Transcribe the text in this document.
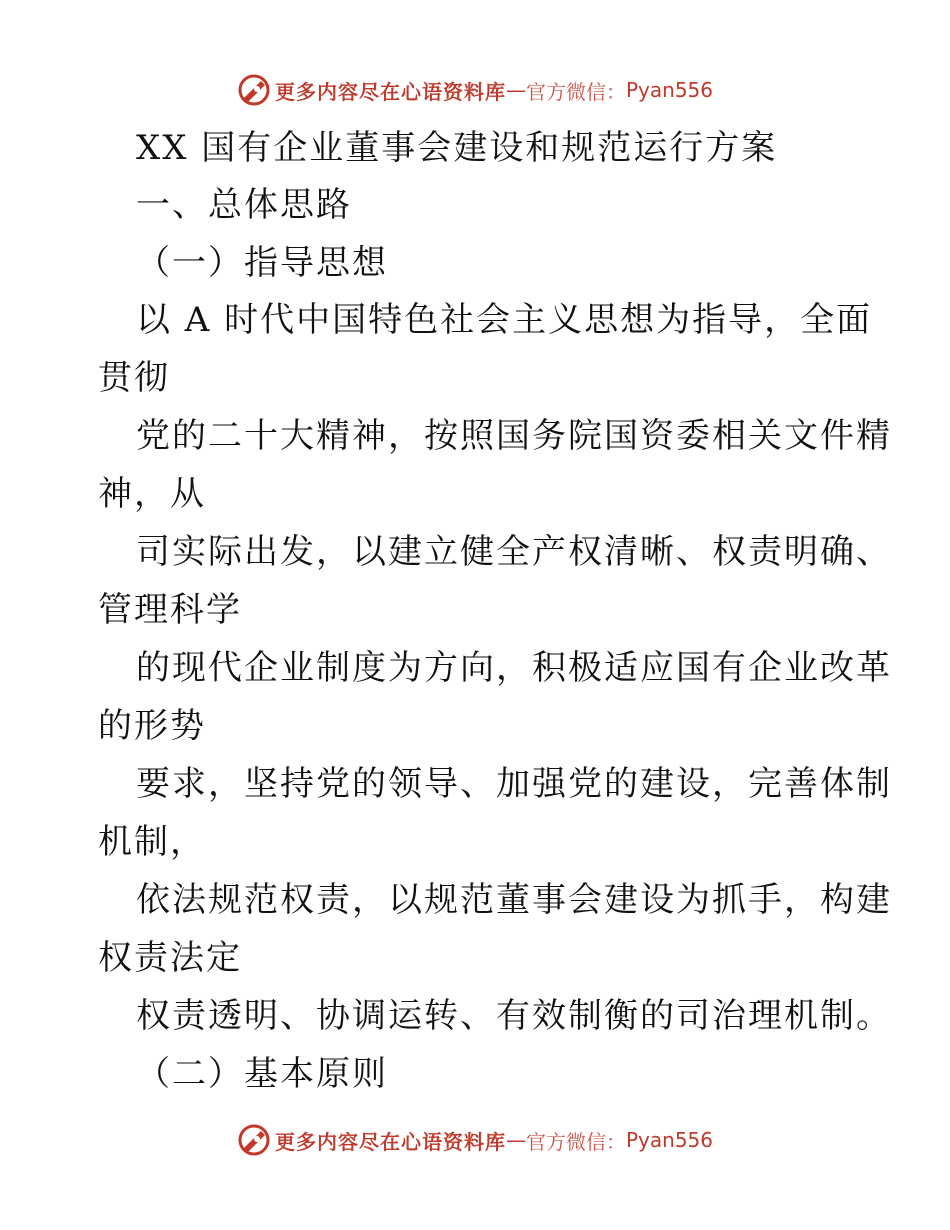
更多内容尽在心语资料库 — 官方微信： Pyan556
XX 国有企业董事会建设和规范运行方案
一、总体思路
（一）指导思想
以 A 时代中国特色社会主义思想为指导，全面
贯彻
党的二十大精神，按照国务院国资委相关文件精
神，从
司实际出发，以建立健全产权清晰、权责明确、
管理科学
的现代企业制度为方向，积极适应国有企业改革
的形势
要求，坚持党的领导、加强党的建设，完善体制
机制，
依法规范权责，以规范董事会建设为抓手，构建
权责法定
权责透明、协调运转、有效制衡的司治理机制。
（二）基本原则
更多内容尽在心语资料库 — 官方微信： Pyan556
